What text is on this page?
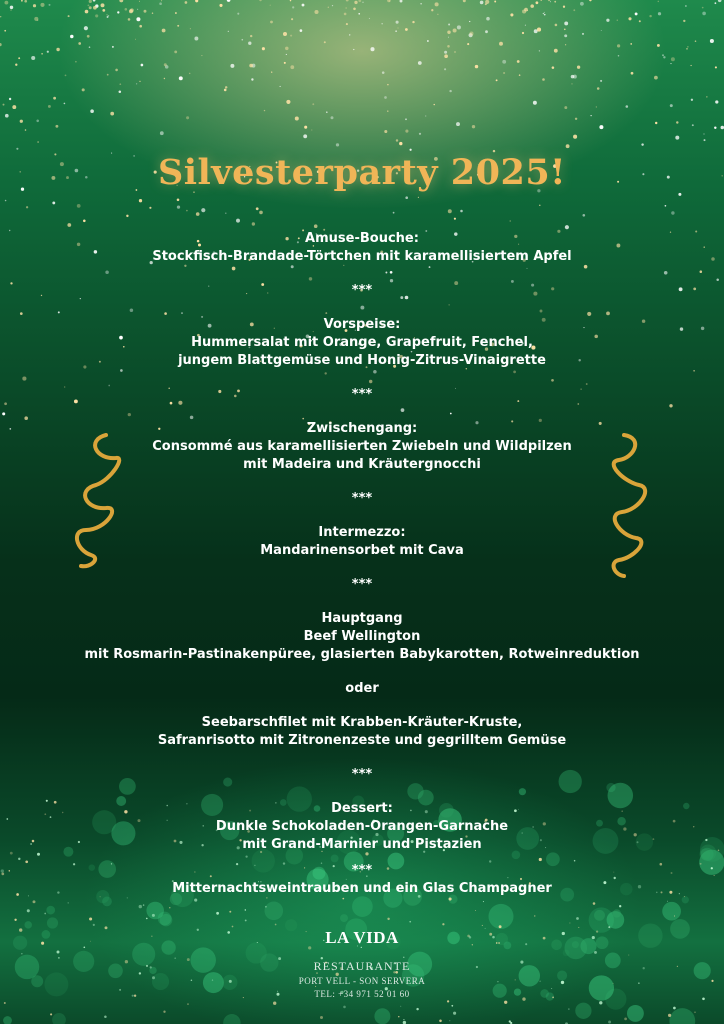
Silvesterparty 2025!
Amuse-Bouche:
Stockfisch-Brandade-Törtchen mit karamellisiertem Apfel
***
Vorspeise:
Hummersalat mit Orange, Grapefruit, Fenchel,
jungem Blattgemüse und Honig-Zitrus-Vinaigrette
***
Zwischengang:
Consommé aus karamellisierten Zwiebeln und Wildpilzen
mit Madeira und Kräutergnocchi
***
Intermezzo:
Mandarinensorbet mit Cava
***
Hauptgang
Beef Wellington
mit Rosmarin-Pastinakenpüree, glasierten Babykarotten, Rotweinreduktion
oder
Seebarschfilet mit Krabben-Kräuter-Kruste,
Safranrisotto mit Zitronenzeste und gegrilltem Gemüse
***
Dessert:
Dunkle Schokoladen-Orangen-Garnache
mit Grand-Marnier und Pistazien
***
Mitternachtsweintrauben und ein Glas Champagner
LA VIDA
RESTAURANTE
PORT VELL - SON SERVERA
TEL: +34 971 52 01 60
